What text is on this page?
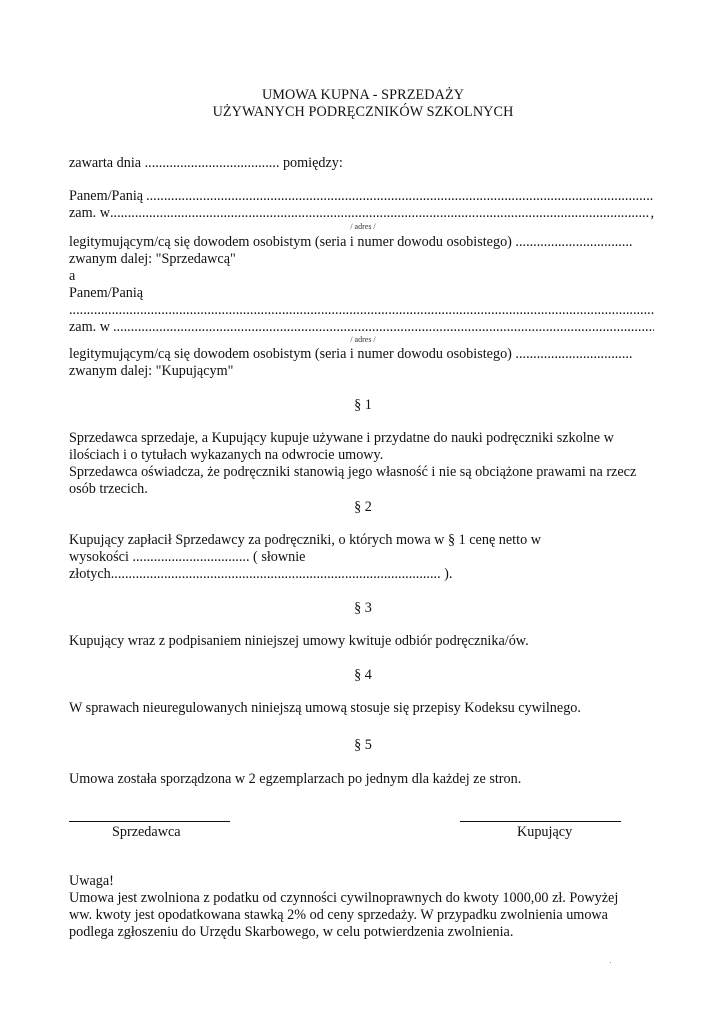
UMOWA KUPNA - SPRZEDAŻY
UŻYWANYCH PODRĘCZNIKÓW SZKOLNYCH
zawarta dnia ...................................... pomiędzy:
Panem/Panią
.....
zam. w
.....	,
/ adres /
legitymującym/cą się dowodem osobistym (seria i numer dowodu osobistego) .................................
zwanym dalej: "Sprzedawcą"
a
Panem/Panią
.....
zam. w
.....
/ adres /
legitymującym/cą się dowodem osobistym (seria i numer dowodu osobistego) .................................
zwanym dalej: "Kupującym"
§ 1
Sprzedawca sprzedaje, a Kupujący kupuje używane i przydatne do nauki podręczniki szkolne w
ilościach i o tytułach wykazanych na odwrocie umowy.
Sprzedawca oświadcza, że podręczniki stanowią jego własność i nie są obciążone prawami na rzecz
osób trzecich.
§ 2
Kupujący zapłacił Sprzedawcy za podręczniki, o których mowa w § 1 cenę netto w
wysokości ................................. ( słownie
złotych............................................................................................. ).
§ 3
Kupujący wraz z podpisaniem niniejszej umowy kwituje odbiór podręcznika/ów.
§ 4
W sprawach nieuregulowanych niniejszą umową stosuje się przepisy Kodeksu cywilnego.
§ 5
Umowa została sporządzona w 2 egzemplarzach po jednym dla każdej ze stron.
Sprzedawca	Kupujący
Uwaga!
Umowa jest zwolniona z podatku od czynności cywilnoprawnych do kwoty 1000,00 zł. Powyżej
ww. kwoty jest opodatkowana stawką 2% od ceny sprzedaży. W przypadku zwolnienia umowa
podlega zgłoszeniu do Urzędu Skarbowego, w celu potwierdzenia zwolnienia.
